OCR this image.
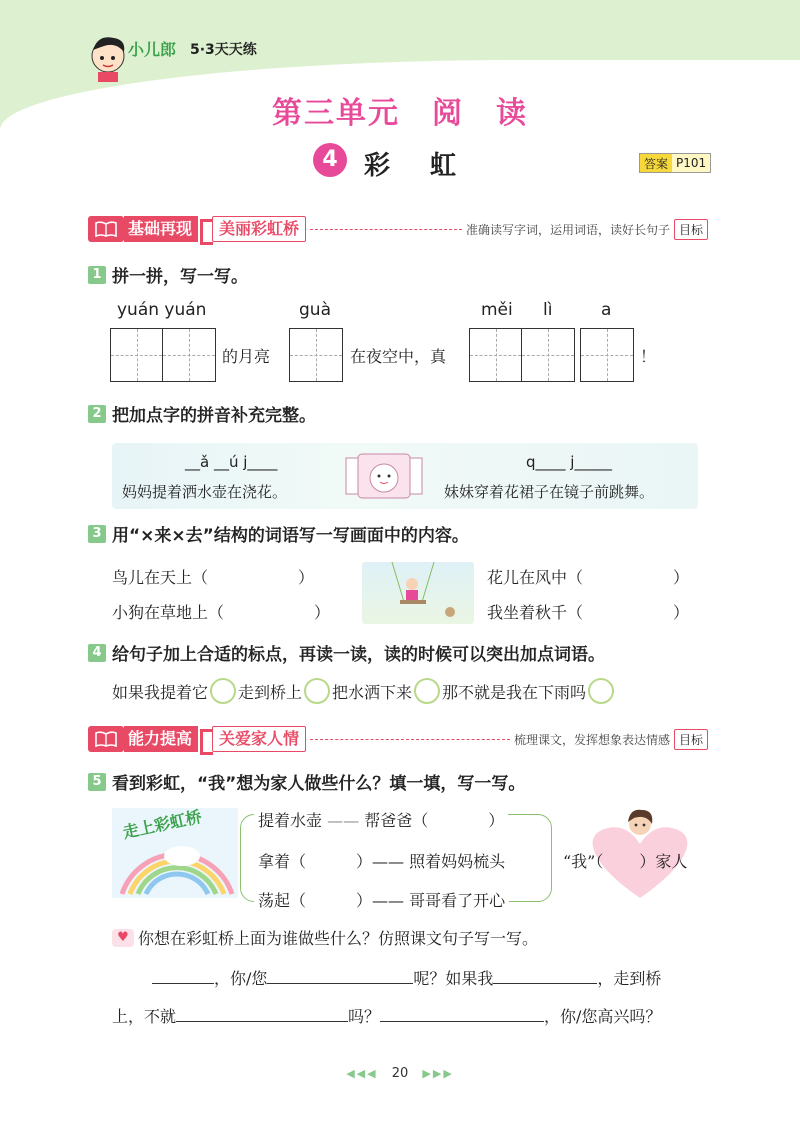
小儿郎 5·3天天练
第三单元　阅　读
4	彩虹	答案 P101
基础再现	美丽彩虹桥	准确读写字词，运用词语，读好长句子 目标
1 拼一拼，写一写。
yuán yuán	guà	měi lì	a
的月亮	在夜空中，真	！
2 把加点字的拼音补充完整。
__ǎ __ú j____
妈妈提着洒水壶在浇花。
q____ j_____
妹妹穿着花裙子在镜子前跳舞。
3 用“×来×去”结构的词语写一写画面中的内容。
鸟儿在天上（	）
小狗在草地上（	）
花儿在风中（	）
我坐着秋千（	）
4 给句子加上合适的标点，再读一读，读的时候可以突出加点词语。
如果我提着它 走到桥上 把水洒下来 那不就是我在下雨吗
能力提高	关爱家人情	梳理课文，发挥想象表达情感 目标
5 看到彩虹，“我”想为家人做些什么？填一填，写一写。
走上彩虹桥	提着水壶 —— 帮爸爸（	）
拿着（	）—— 照着妈妈梳头
荡起（	）—— 哥哥看了开心
“我”（ ）家人
♥ 你想在彩虹桥上面为谁做些什么？仿照课文句子写一写。
，你/您	呢？如果我	，走到桥
上，不就	吗？	，你/您高兴吗？
◀◀◀ 20 ▶▶▶
